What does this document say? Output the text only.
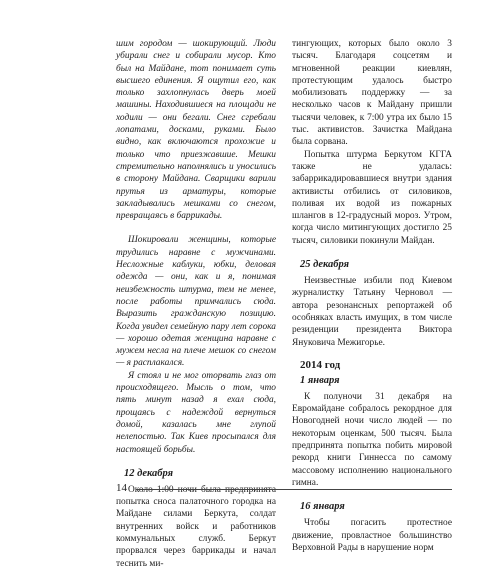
шим городом — шокирующий. Люди убирали снег и собирали мусор. Кто был на Майдане, тот понимает суть высшего единения. Я ощутил его, как только захлопнулась дверь моей машины. Находившиеся на площади не ходили — они бегали. Снег сгребали лопатами, досками, руками. Было видно, как включаются прохожие и только что приезжавшие. Мешки стремительно наполнялись и уносились в сторону Майдана. Сварщики варили прутья из арматуры, которые закладывались мешками со снегом, превращаясь в баррикады.

Шокировали женщины, которые трудились наравне с мужчинами. Несложные каблуки, юбки, деловая одежда — они, как и я, понимая неизбежность штурма, тем не менее, после работы примчались сюда. Выразить гражданскую позицию. Когда увидел семейную пару лет сорока — хорошо одетая женщина наравне с мужем несла на плече мешок со снегом — я расплакался.

Я стоял и не мог оторвать глаз от происходящего. Мысль о том, что пять минут назад я ехал сюда, прощаясь с надеждой вернуться домой, казалась мне глупой нелепостью. Так Киев просыпался для настоящей борьбы.

12 декабря

Около 1:00 ночи была предпринята попытка сноса палаточного городка на Майдане силами Беркута, солдат внутренних войск и работников коммунальных служб. Беркут прорвался через баррикады и начал теснить ми-

тингующих, которых было около 3 тысяч. Благодаря соцсетям и мгновенной реакции киевлян, протестующим удалось быстро мобилизовать поддержку — за несколько часов к Майдану пришли тысячи человек, к 7:00 утра их было 15 тыс. активистов. Зачистка Майдана была сорвана.

Попытка штурма Беркутом КГГА также не удалась: забаррикадировавшиеся внутри здания активисты отбились от силовиков, поливая их водой из пожарных шлангов в 12-градусный мороз. Утром, когда число митингующих достигло 25 тысяч, силовики покинули Майдан.

25 декабря

Неизвестные избили под Киевом журналистку Татьяну Черновол — автора резонансных репортажей об особняках власть имущих, в том числе резиденции президента Виктора Януковича Межигорье.

2014 год
1 января

К полуночи 31 декабря на Евромайдане собралось рекордное для Новогодней ночи число людей — по некоторым оценкам, 500 тысяч. Была предпринята попытка побить мировой рекорд книги Гиннесса по самому массовому исполнению национального гимна.

16 января

Чтобы погасить протестное движение, провластное большинство Верховной Рады в нарушение норм

14
